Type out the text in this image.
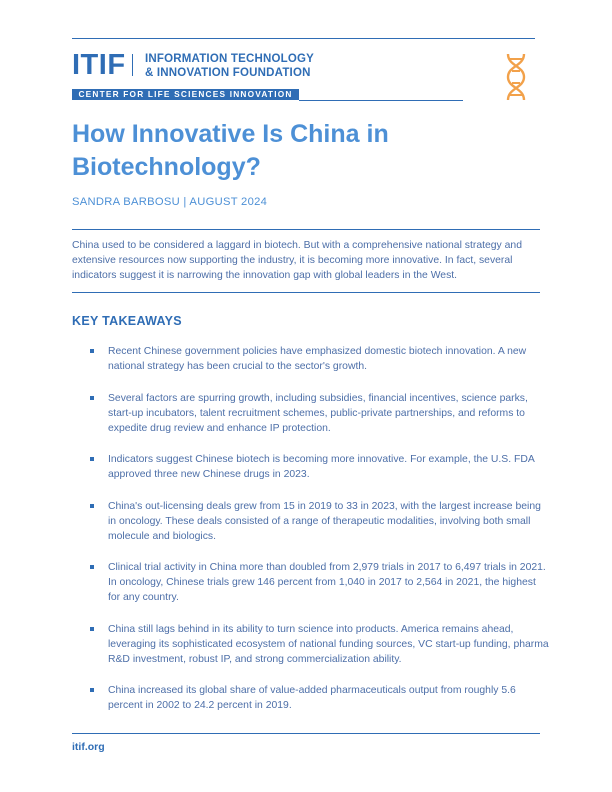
ITIF INFORMATION TECHNOLOGY
& INNOVATION FOUNDATION
CENTER FOR LIFE SCIENCES INNOVATION
How Innovative Is China in Biotechnology?
SANDRA BARBOSU | AUGUST 2024
China used to be considered a laggard in biotech. But with a comprehensive national strategy and extensive resources now supporting the industry, it is becoming more innovative. In fact, several indicators suggest it is narrowing the innovation gap with global leaders in the West.
KEY TAKEAWAYS
Recent Chinese government policies have emphasized domestic biotech innovation. A new national strategy has been crucial to the sector's growth.
Several factors are spurring growth, including subsidies, financial incentives, science parks, start-up incubators, talent recruitment schemes, public-private partnerships, and reforms to expedite drug review and enhance IP protection.
Indicators suggest Chinese biotech is becoming more innovative. For example, the U.S. FDA approved three new Chinese drugs in 2023.
China's out-licensing deals grew from 15 in 2019 to 33 in 2023, with the largest increase being in oncology. These deals consisted of a range of therapeutic modalities, involving both small molecule and biologics.
Clinical trial activity in China more than doubled from 2,979 trials in 2017 to 6,497 trials in 2021. In oncology, Chinese trials grew 146 percent from 1,040 in 2017 to 2,564 in 2021, the highest for any country.
China still lags behind in its ability to turn science into products. America remains ahead, leveraging its sophisticated ecosystem of national funding sources, VC start-up funding, pharma R&D investment, robust IP, and strong commercialization ability.
China increased its global share of value-added pharmaceuticals output from roughly 5.6 percent in 2002 to 24.2 percent in 2019.
itif.org
